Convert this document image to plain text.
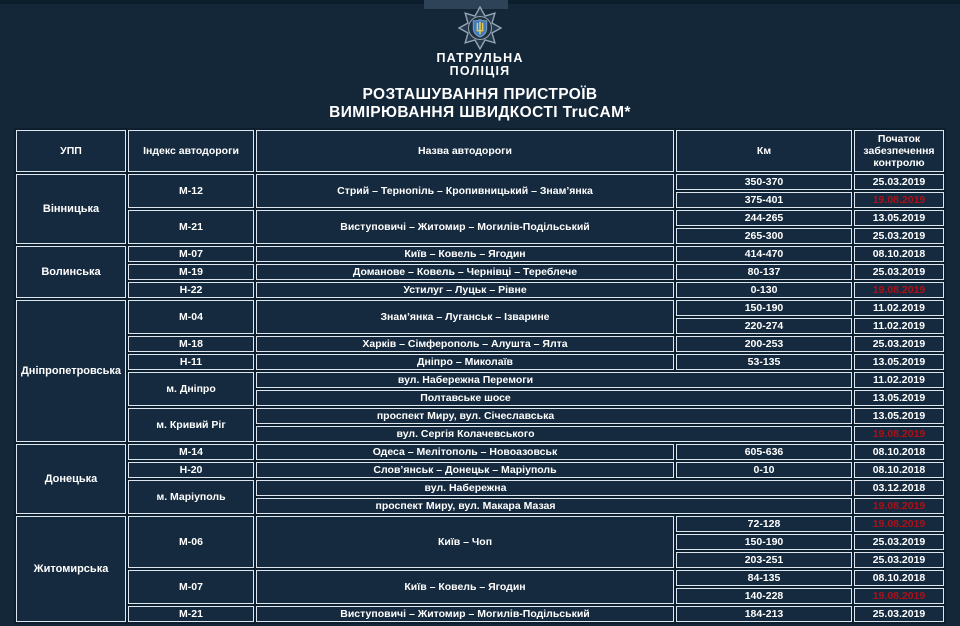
ПАТРУЛЬНА
ПОЛІЦІЯ
РОЗТАШУВАННЯ ПРИСТРОЇВ
ВИМІРЮВАННЯ ШВИДКОСТІ TruCAM*
УПП	Індекс автодороги	Назва автодороги	Км	Початок забезпечення контролю
Вінницька	М-12	Стрий – Тернопіль – Кропивницький – Знам’янка	350-370	25.03.2019
			375-401	19.08.2019
	М-21	Виступовичі – Житомир – Могилів-Подільський	244-265	13.05.2019
			265-300	25.03.2019
Волинська	М-07	Київ – Ковель – Ягодин	414-470	08.10.2018
	М-19	Доманове – Ковель – Чернівці – Тереблече	80-137	25.03.2019
	Н-22	Устилуг – Луцьк – Рівне	0-130	19.08.2019
Дніпропетровська	М-04	Знам’янка – Луганськ – Ізварине	150-190	11.02.2019
			220-274	11.02.2019
	М-18	Харків – Сімферополь – Алушта – Ялта	200-253	25.03.2019
	Н-11	Дніпро – Миколаїв	53-135	13.05.2019
	м. Дніпро	вул. Набережна Перемоги		11.02.2019
		Полтавське шосе		13.05.2019
	м. Кривий Ріг	проспект Миру, вул. Січеславська		13.05.2019
		вул. Сергія Колачевського		19.08.2019
Донецька	М-14	Одеса – Мелітополь – Новоазовськ	605-636	08.10.2018
	Н-20	Слов’янськ – Донецьк – Маріуполь	0-10	08.10.2018
	м. Маріуполь	вул. Набережна		03.12.2018
		проспект Миру, вул. Макара Мазая		19.08.2019
Житомирська	М-06	Київ – Чоп	72-128	19.08.2019
			150-190	25.03.2019
			203-251	25.03.2019
	М-07	Київ – Ковель – Ягодин	84-135	08.10.2018
			140-228	19.08.2019
	М-21	Виступовичі – Житомир – Могилів-Подільський	184-213	25.03.2019
